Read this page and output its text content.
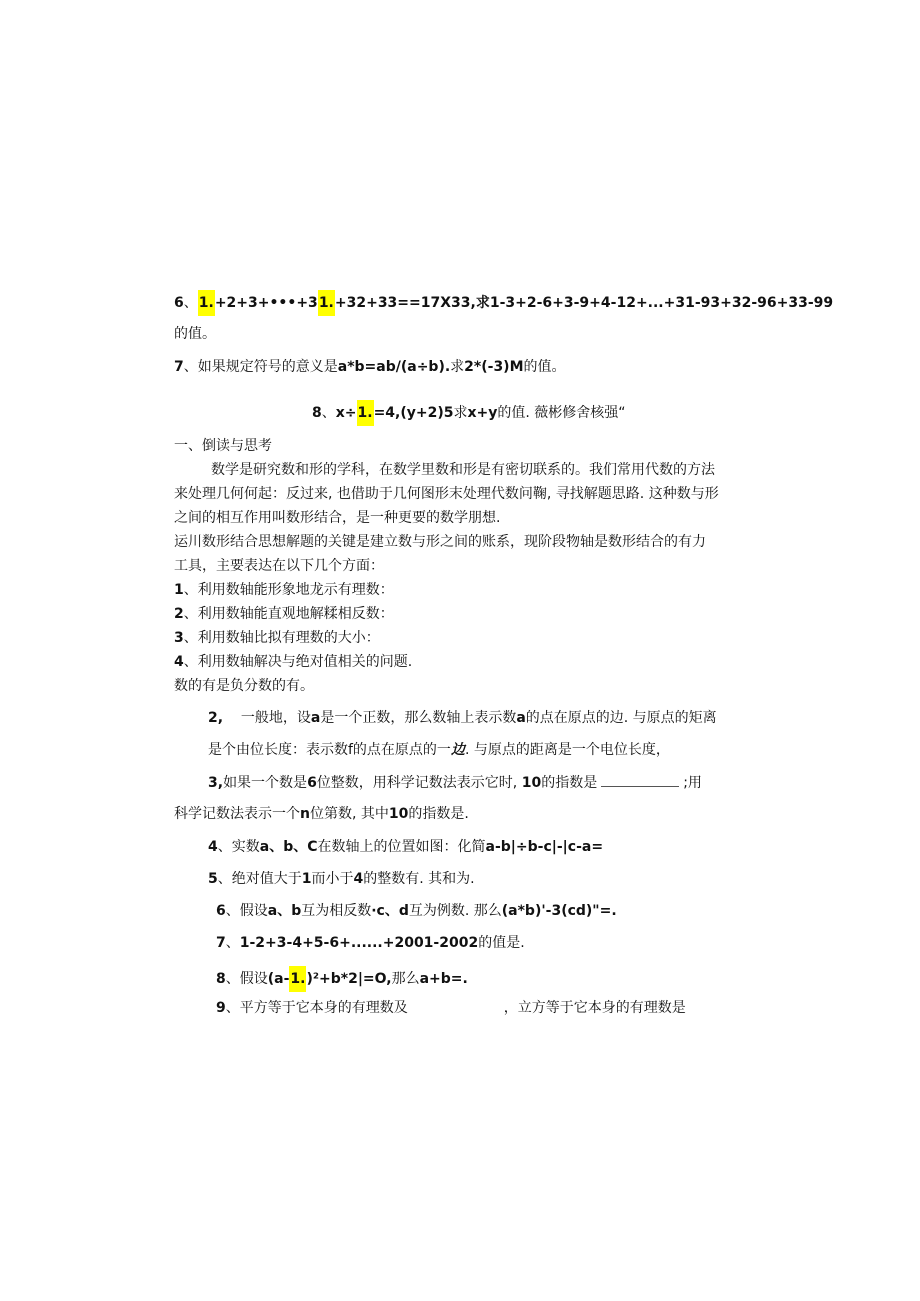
6、1.+2+3+•••+31.+32+33==17X33,求1-3+2-6+3-9+4-12+...+31-93+32-96+33-99
的值。
7、如果规定符号的意义是a*b=ab/(a÷b).求2*(-3)M的值。
8、x÷1.=4,(y+2)5求x+y的值. 薇彬修舍核强“
一、倒读与思考
数学是研究数和形的学科，在数学里数和形是有密切联系的。我们常用代数的方法
来处理几何何起：反过来, 也借助于几何图形末处理代数问鞠, 寻找解题思路. 这种数与形
之间的相互作用叫数形结合，是一种更要的数学朋想.
运川数形结合思想解题的关键是建立数与形之间的账系，现阶段物轴是数形结合的有力
工具，主要表达在以下几个方面：
1、利用数轴能形象地龙示有理数：
2、利用数轴能直观地解糅相反数：
3、利用数轴比拟有理数的大小：
4、利用数轴解决与绝对值相关的问题.
数的有是负分数的有。
2, 一般地，设a是一个正数，那么数轴上表示数a的点在原点的边. 与原点的矩离
是个由位长度：表示数f的点在原点的一边. 与原点的距离是一个电位长度，
3,如果一个数是6位整数，用科学记数法表示它时, 10的指数是	;用
科学记数法表示一个n位第数, 其中10的指数是.
4、实数a、b、C在数轴上的位置如图：化简a-b|÷b-c|-|c-a=
5、绝对值大于1而小于4的整数有. 其和为.
6、假设a、b互为相反数·c、d互为例数. 那么(a*b)'-3(cd)"=.
7、1-2+3-4+5-6+......+2001-2002的值是.
8、假设(a-1.)²+b*2|=O,那么a+b=.
9、平方等于它本身的有理数及	，立方等于它本身的有理数是
